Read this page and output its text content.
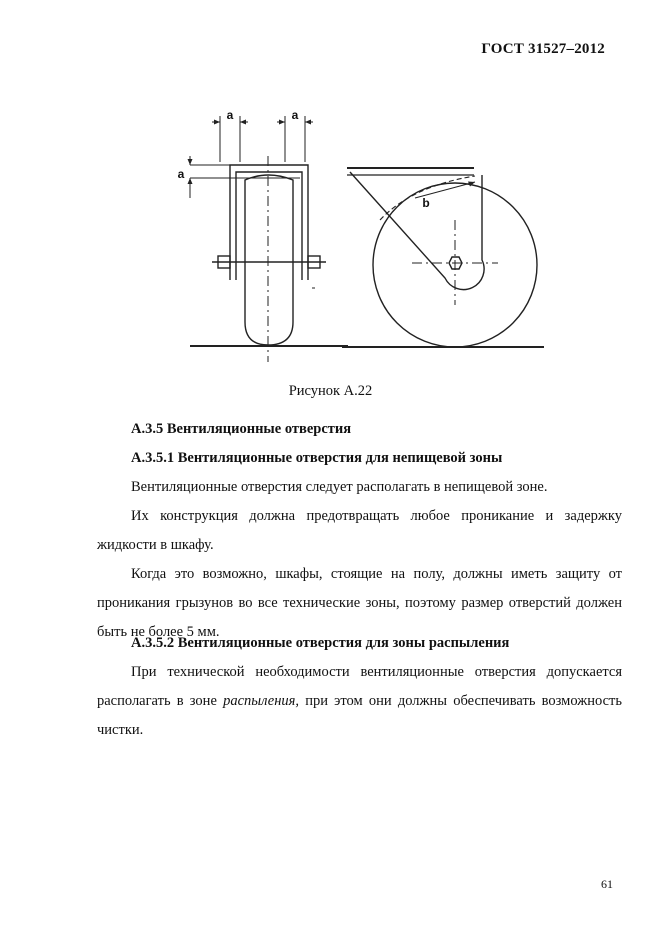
ГОСТ 31527–2012
a	a
a
b
Рисунок А.22
А.3.5 Вентиляционные отверстия
А.3.5.1 Вентиляционные отверстия для непищевой зоны
Вентиляционные отверстия следует располагать в непищевой зоне.
Их конструкция должна предотвращать любое проникание и задержку жидкости в шкафу.
Когда это возможно, шкафы, стоящие на полу, должны иметь защиту от проникания грызунов во все технические зоны, поэтому размер отверстий должен быть не более 5 мм.
А.3.5.2 Вентиляционные отверстия для зоны распыления
При технической необходимости вентиляционные отверстия допускается располагать в зоне распыления, при этом они должны обеспечивать возможность чистки.
61
